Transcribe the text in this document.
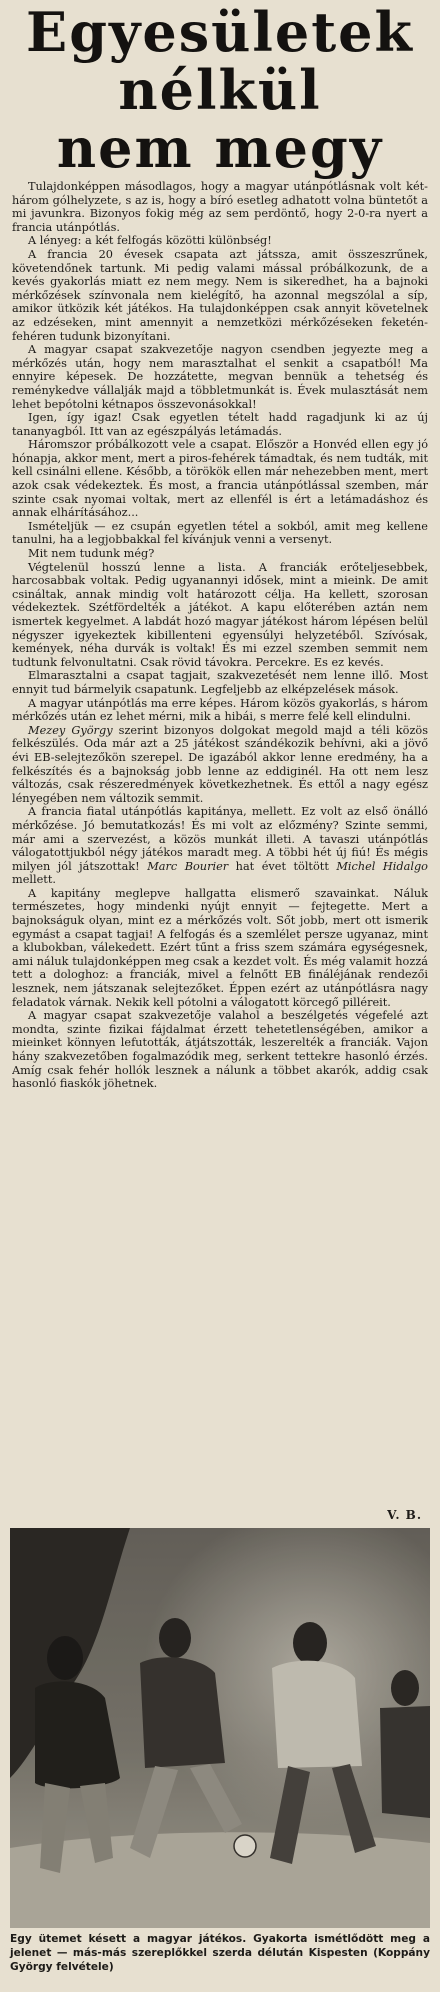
Egyesületek
nélkül
nem megy

Tulajdonképpen másodlagos, hogy a magyar utánpótlásnak volt két-három gólhelyzete, s az is, hogy a bíró esetleg adhatott volna büntetőt a mi javunkra. Bizonyos fokig még az sem perdöntő, hogy 2-0-ra nyert a francia utánpótlás.

A lényeg: a két felfogás közötti különbség!

A francia 20 évesek csapata azt játssza, amit összeszrűnek, követendőnek tartunk. Mi pedig valami mással próbálkozunk, de a kevés gyakorlás miatt ez nem megy. Nem is sikeredhet, ha a bajnoki mérkőzések színvonala nem kielégítő, ha azonnal megszólal a síp, amikor ütközik két játékos. Ha tulajdonképpen csak annyit követelnek az edzéseken, mint amennyit a nemzetközi mérkőzéseken feketén-fehéren tudunk bizonyítani.

A magyar csapat szakvezetője nagyon csendben jegyezte meg a mérkőzés után, hogy nem marasztalhat el senkit a csapatból! Ma ennyire képesek. De hozzátette, megvan bennük a tehetség és reménykedve vállalják majd a többletmunkát is. Évek mulasztását nem lehet bepótolni kétnapos összevonásokkal!

Igen, így igaz! Csak egyetlen tételt hadd ragadjunk ki az új tananyagból. Itt van az egészpályás letámadás.

Háromszor próbálkozott vele a csapat. Először a Honvéd ellen egy jó hónapja, akkor ment, mert a piros-fehérek támadtak, és nem tudták, mit kell csinálni ellene. Később, a törökök ellen már nehezebben ment, mert azok csak védekeztek. És most, a francia utánpótlással szemben, már szinte csak nyomai voltak, mert az ellenfél is ért a letámadáshoz és annak elhárításához...

Ismételjük — ez csupán egyetlen tétel a sokból, amit meg kellene tanulni, ha a legjobbakkal fel kívánjuk venni a versenyt.

Mit nem tudunk még?

Végtelenül hosszú lenne a lista. A franciák erőteljesebbek, harcosabbak voltak. Pedig ugyanannyi idősek, mint a mieink. De amit csináltak, annak mindig volt határozott célja. Ha kellett, szorosan védekeztek. Szétfördelték a játékot. A kapu előterében aztán nem ismertek kegyelmet. A labdát hozó magyar játékost három lépésen belül négyszer igyekeztek kibillenteni egyensúlyi helyzetéből. Szívósak, kemények, néha durvák is voltak! És mi ezzel szemben semmit nem tudtunk felvonultatni. Csak rövid távokra. Percekre. Es ez kevés.

Elmarasztalni a csapat tagjait, szakvezetését nem lenne illő. Most ennyit tud bármelyik csapatunk. Legfeljebb az elképzelések mások.

A magyar utánpótlás ma erre képes. Három közös gyakorlás, s három mérkőzés után ez lehet mérni, mik a hibái, s merre felé kell elindulni.

Mezey György szerint bizonyos dolgokat megold majd a téli közös felkészülés. Oda már azt a 25 játékost szándékozik behívni, aki a jövő évi EB-selejtezőkön szerepel. De igazából akkor lenne eredmény, ha a felkészítés és a bajnokság jobb lenne az eddiginél. Ha ott nem lesz változás, csak részeredmények következhetnek. És ettől a nagy egész lényegében nem változik semmit.

A francia fiatal utánpótlás kapitánya, mellett. Ez volt az első önálló mérkőzése. Jó bemutatkozás! És mi volt az előzmény? Szinte semmi, már ami a szervezést, a közös munkát illeti. A tavaszi utánpótlás válogatottjukból négy játékos maradt meg. A többi hét új fiú! És mégis milyen jól játszottak! Marc Bourier hat évet töltött Michel Hidalgo mellett.

A kapitány meglepve hallgatta elismerő szavainkat. Náluk természetes, hogy mindenki nyújt ennyit — fejtegette. Mert a bajnokságuk olyan, mint ez a mérkőzés volt. Sőt jobb, mert ott ismerik egymást a csapat tagjai! A felfogás és a szemlélet persze ugyanaz, mint a klubokban, válekedett. Ezért tűnt a friss szem számára egységesnek, ami náluk tulajdonképpen meg csak a kezdet volt. És még valamit hozzá tett a dologhoz: a franciák, mivel a felnőtt EB fináléjának rendezői lesznek, nem játszanak selejtezőket. Éppen ezért az utánpótlásra nagy feladatok várnak. Nekik kell pótolni a válogatott körcegő pilléreit.

A magyar csapat szakvezetője valahol a beszélgetés végefelé azt mondta, szinte fizikai fájdalmat érzett tehetetlenségében, amikor a mieinket könnyen lefutották, átjátszották, leszerelték a franciák. Vajon hány szakvezetőben fogalmazódik meg, serkent tettekre hasonló érzés. Amíg csak fehér hollók lesznek a nálunk a többet akarók, addig csak hasonló fiaskók jöhetnek.

V. B.
Egy ütemet késett a magyar játékos. Gyakorta ismétlődött meg a jelenet — más-más szereplőkkel szerda délután Kispesten (Koppány György felvétele)
